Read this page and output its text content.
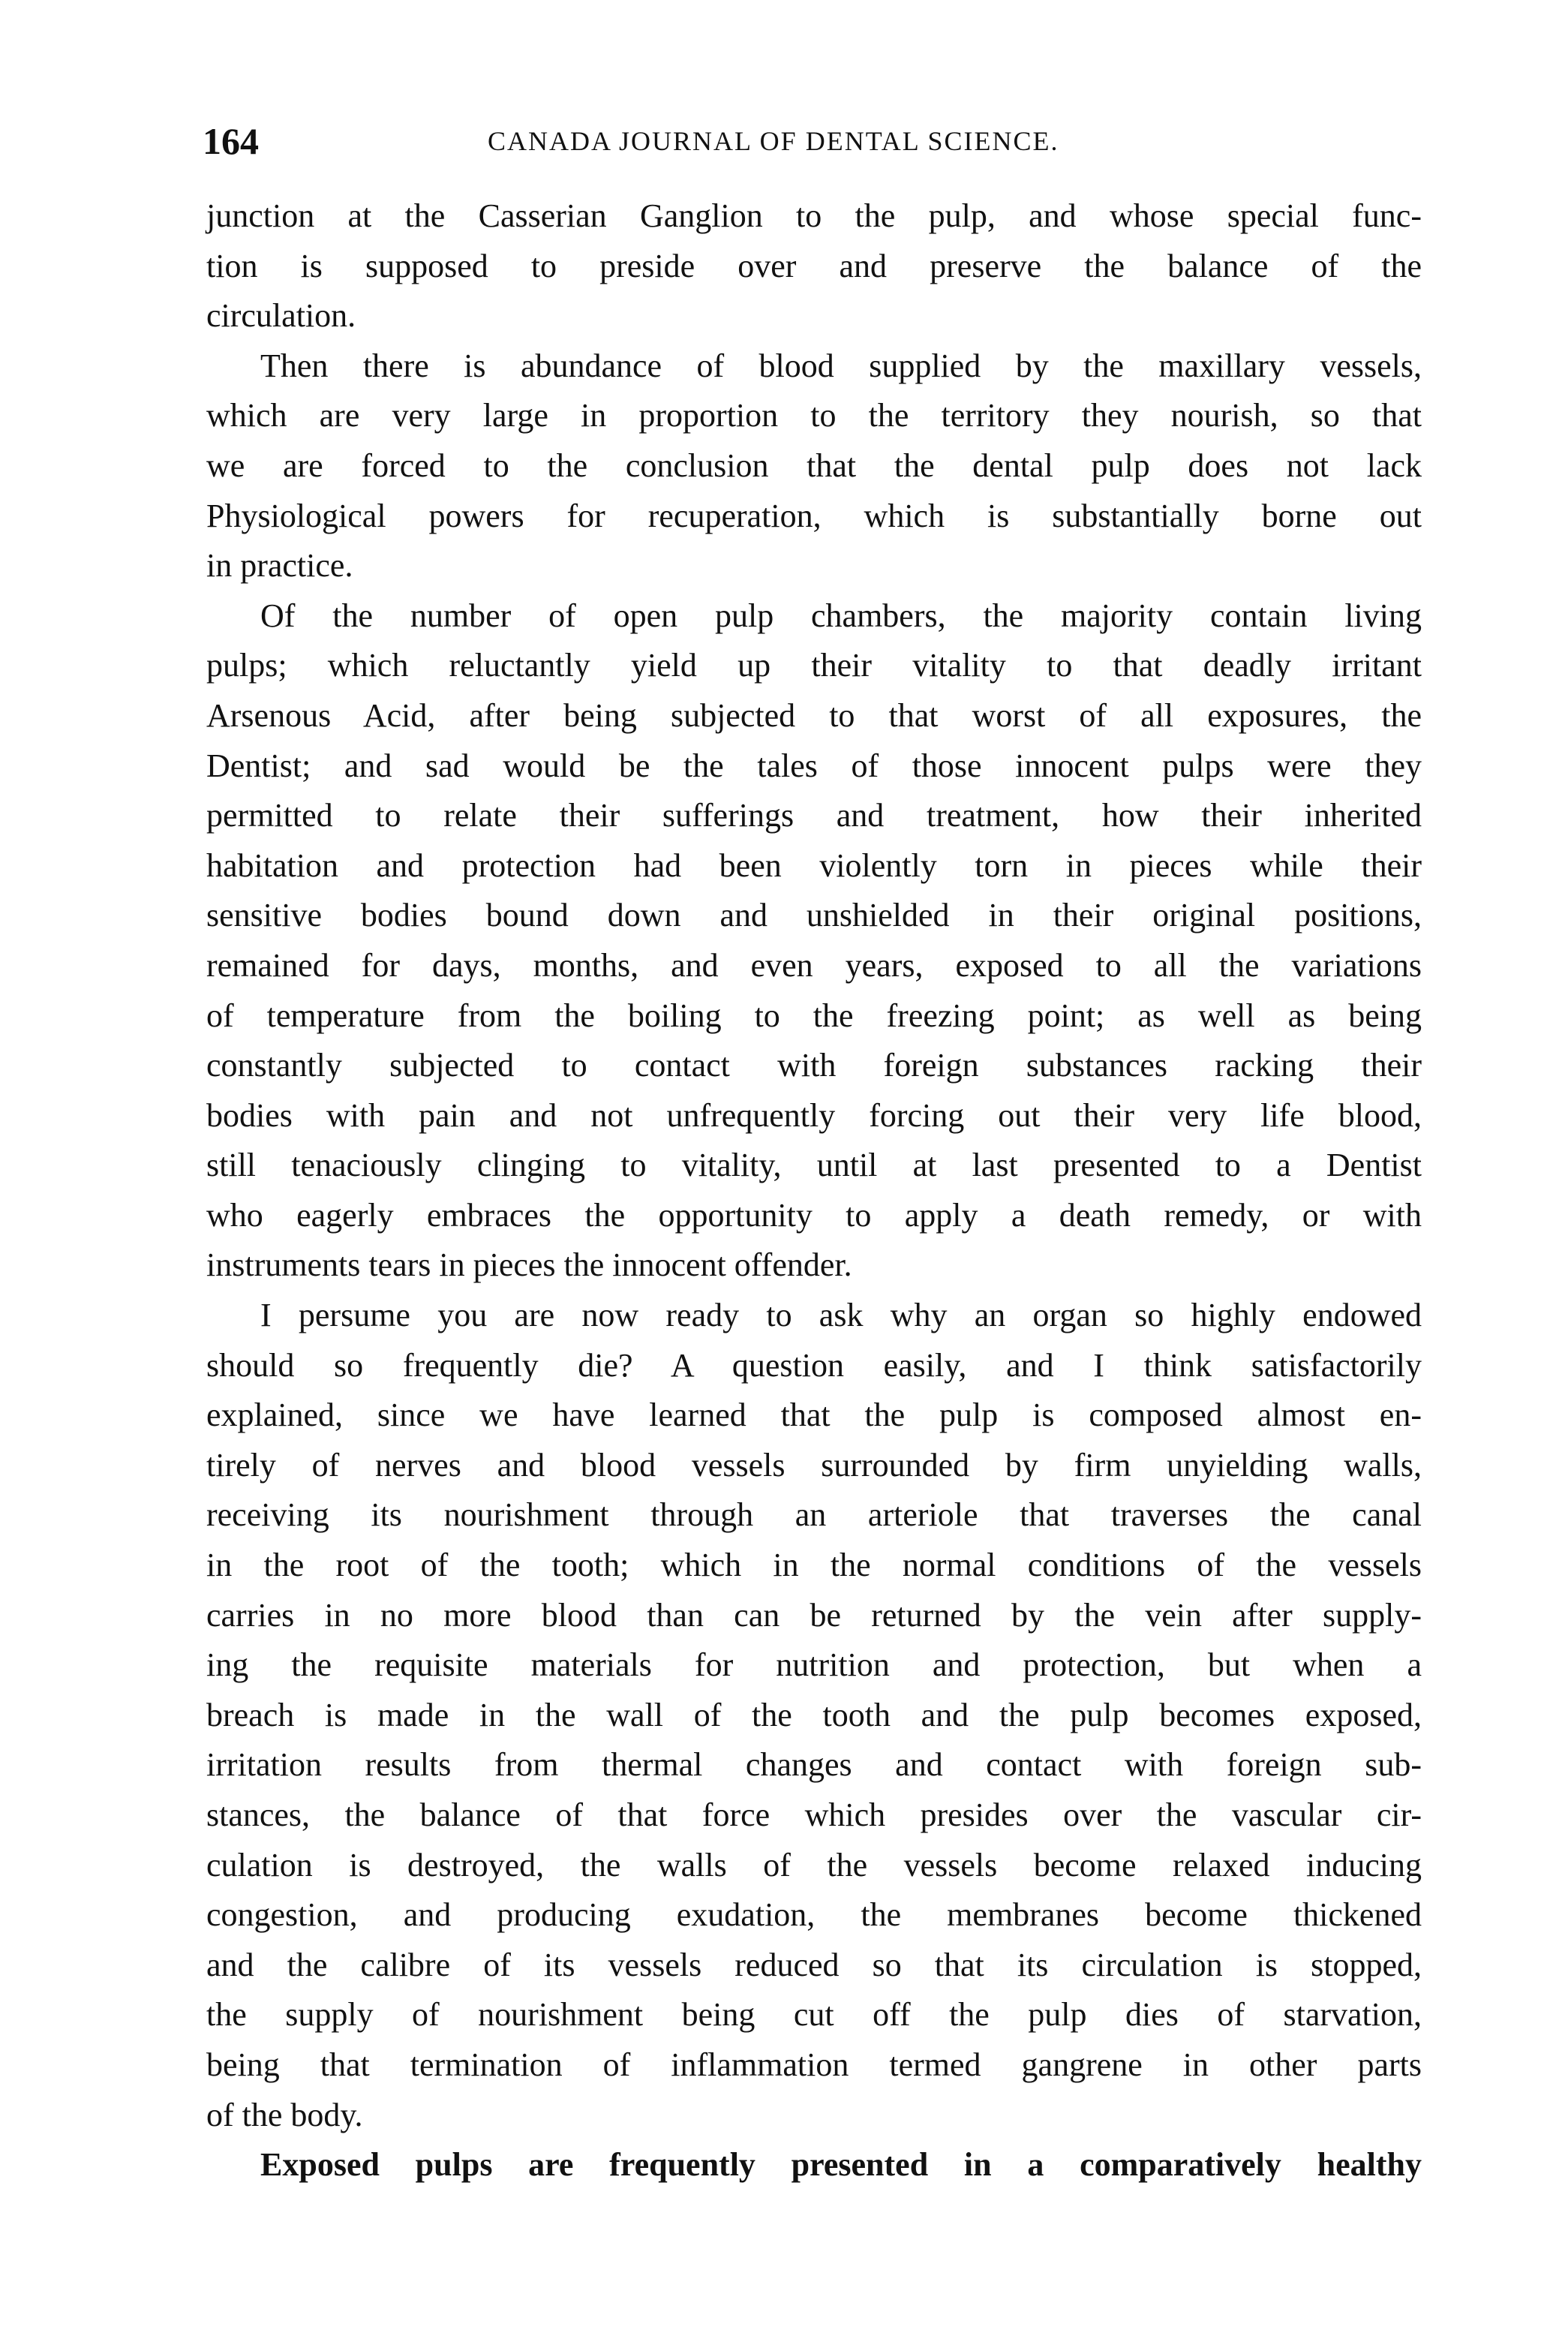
164	CANADA JOURNAL OF DENTAL SCIENCE.
junction at the Casserian Ganglion to the pulp, and whose special func-
tion is supposed to preside over and preserve the balance of the
circulation.
Then there is abundance of blood supplied by the maxillary vessels,
which are very large in proportion to the territory they nourish, so that
we are forced to the conclusion that the dental pulp does not lack
Physiological powers for recuperation, which is substantially borne out
in practice.
Of the number of open pulp chambers, the majority contain living
pulps; which reluctantly yield up their vitality to that deadly irritant
Arsenous Acid, after being subjected to that worst of all exposures, the
Dentist; and sad would be the tales of those innocent pulps were they
permitted to relate their sufferings and treatment, how their inherited
habitation and protection had been violently torn in pieces while their
sensitive bodies bound down and unshielded in their original positions,
remained for days, months, and even years, exposed to all the variations
of temperature from the boiling to the freezing point; as well as being
constantly subjected to contact with foreign substances racking their
bodies with pain and not unfrequently forcing out their very life blood,
still tenaciously clinging to vitality, until at last presented to a Dentist
who eagerly embraces the opportunity to apply a death remedy, or with
instruments tears in pieces the innocent offender.
I persume you are now ready to ask why an organ so highly endowed
should so frequently die? A question easily, and I think satisfactorily
explained, since we have learned that the pulp is composed almost en-
tirely of nerves and blood vessels surrounded by firm unyielding walls,
receiving its nourishment through an arteriole that traverses the canal
in the root of the tooth; which in the normal conditions of the vessels
carries in no more blood than can be returned by the vein after supply-
ing the requisite materials for nutrition and protection, but when a
breach is made in the wall of the tooth and the pulp becomes exposed,
irritation results from thermal changes and contact with foreign sub-
stances, the balance of that force which presides over the vascular cir-
culation is destroyed, the walls of the vessels become relaxed inducing
congestion, and producing exudation, the membranes become thickened
and the calibre of its vessels reduced so that its circulation is stopped,
the supply of nourishment being cut off the pulp dies of starvation,
being that termination of inflammation termed gangrene in other parts
of the body.
Exposed pulps are frequently presented in a comparatively healthy
